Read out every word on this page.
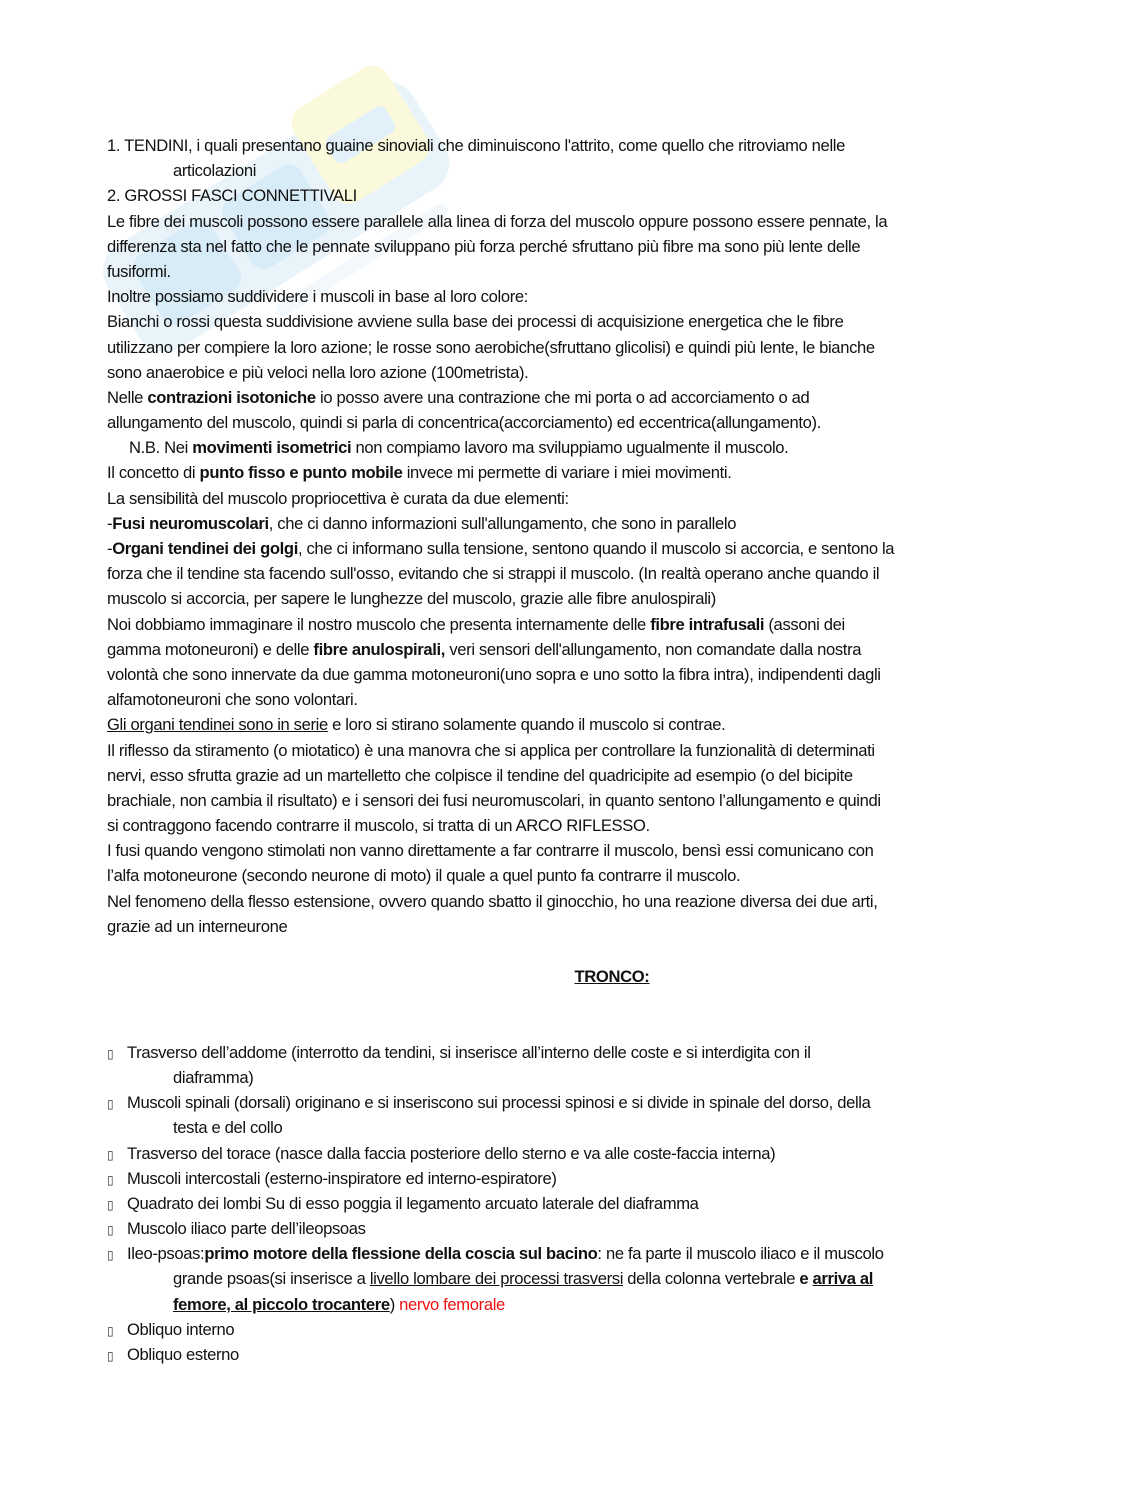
1. TENDINI, i quali presentano guaine sinoviali che diminuiscono l'attrito, come quello che ritroviamo nelle
articolazioni
2. GROSSI FASCI CONNETTIVALI
Le fibre dei muscoli possono essere parallele alla linea di forza del muscolo oppure possono essere pennate, la
differenza sta nel fatto che le pennate sviluppano più forza perché sfruttano più fibre ma sono più lente delle
fusiformi.
Inoltre possiamo suddividere i muscoli in base al loro colore:
Bianchi o rossi questa suddivisione avviene sulla base dei processi di acquisizione energetica che le fibre
utilizzano per compiere la loro azione; le rosse sono aerobiche(sfruttano glicolisi) e quindi più lente, le bianche
sono anaerobice e più veloci nella loro azione (100metrista).
Nelle contrazioni isotoniche io posso avere una contrazione che mi porta o ad accorciamento o ad
allungamento del muscolo, quindi si parla di concentrica(accorciamento) ed eccentrica(allungamento).
N.B. Nei movimenti isometrici non compiamo lavoro ma sviluppiamo ugualmente il muscolo.
Il concetto di punto fisso e punto mobile invece mi permette di variare i miei movimenti.
La sensibilità del muscolo propriocettiva è curata da due elementi:
-Fusi neuromuscolari, che ci danno informazioni sull'allungamento, che sono in parallelo
-Organi tendinei dei golgi, che ci informano sulla tensione, sentono quando il muscolo si accorcia, e sentono la
forza che il tendine sta facendo sull'osso, evitando che si strappi il muscolo. (In realtà operano anche quando il
muscolo si accorcia, per sapere le lunghezze del muscolo, grazie alle fibre anulospirali)
Noi dobbiamo immaginare il nostro muscolo che presenta internamente delle fibre intrafusali (assoni dei
gamma motoneuroni) e delle fibre anulospirali, veri sensori dell'allungamento, non comandate dalla nostra
volontà che sono innervate da due gamma motoneuroni(uno sopra e uno sotto la fibra intra), indipendenti dagli
alfamotoneuroni che sono volontari.
Gli organi tendinei sono in serie e loro si stirano solamente quando il muscolo si contrae.
Il riflesso da stiramento (o miotatico) è una manovra che si applica per controllare la funzionalità di determinati
nervi, esso sfrutta grazie ad un martelletto che colpisce il tendine del quadricipite ad esempio (o del bicipite
brachiale, non cambia il risultato) e i sensori dei fusi neuromuscolari, in quanto sentono l’allungamento e quindi
si contraggono facendo contrarre il muscolo, si tratta di un ARCO RIFLESSO.
I fusi quando vengono stimolati non vanno direttamente a far contrarre il muscolo, bensì essi comunicano con
l’alfa motoneurone (secondo neurone di moto) il quale a quel punto fa contrarre il muscolo.
Nel fenomeno della flesso estensione, ovvero quando sbatto il ginocchio, ho una reazione diversa dei due arti,
grazie ad un interneurone
TRONCO:
▯ Trasverso dell’addome (interrotto da tendini, si inserisce all’interno delle coste e si interdigita con il
diaframma)
▯ Muscoli spinali (dorsali) originano e si inseriscono sui processi spinosi e si divide in spinale del dorso, della
testa e del collo
▯ Trasverso del torace (nasce dalla faccia posteriore dello sterno e va alle coste-faccia interna)
▯ Muscoli intercostali (esterno-inspiratore ed interno-espiratore)
▯ Quadrato dei lombi Su di esso poggia il legamento arcuato laterale del diaframma
▯ Muscolo iliaco parte dell’ileopsoas
▯ Ileo-psoas:primo motore della flessione della coscia sul bacino: ne fa parte il muscolo iliaco e il muscolo
grande psoas(si inserisce a livello lombare dei processi trasversi della colonna vertebrale e arriva al
femore, al piccolo trocantere) nervo femorale
▯ Obliquo interno
▯ Obliquo esterno
